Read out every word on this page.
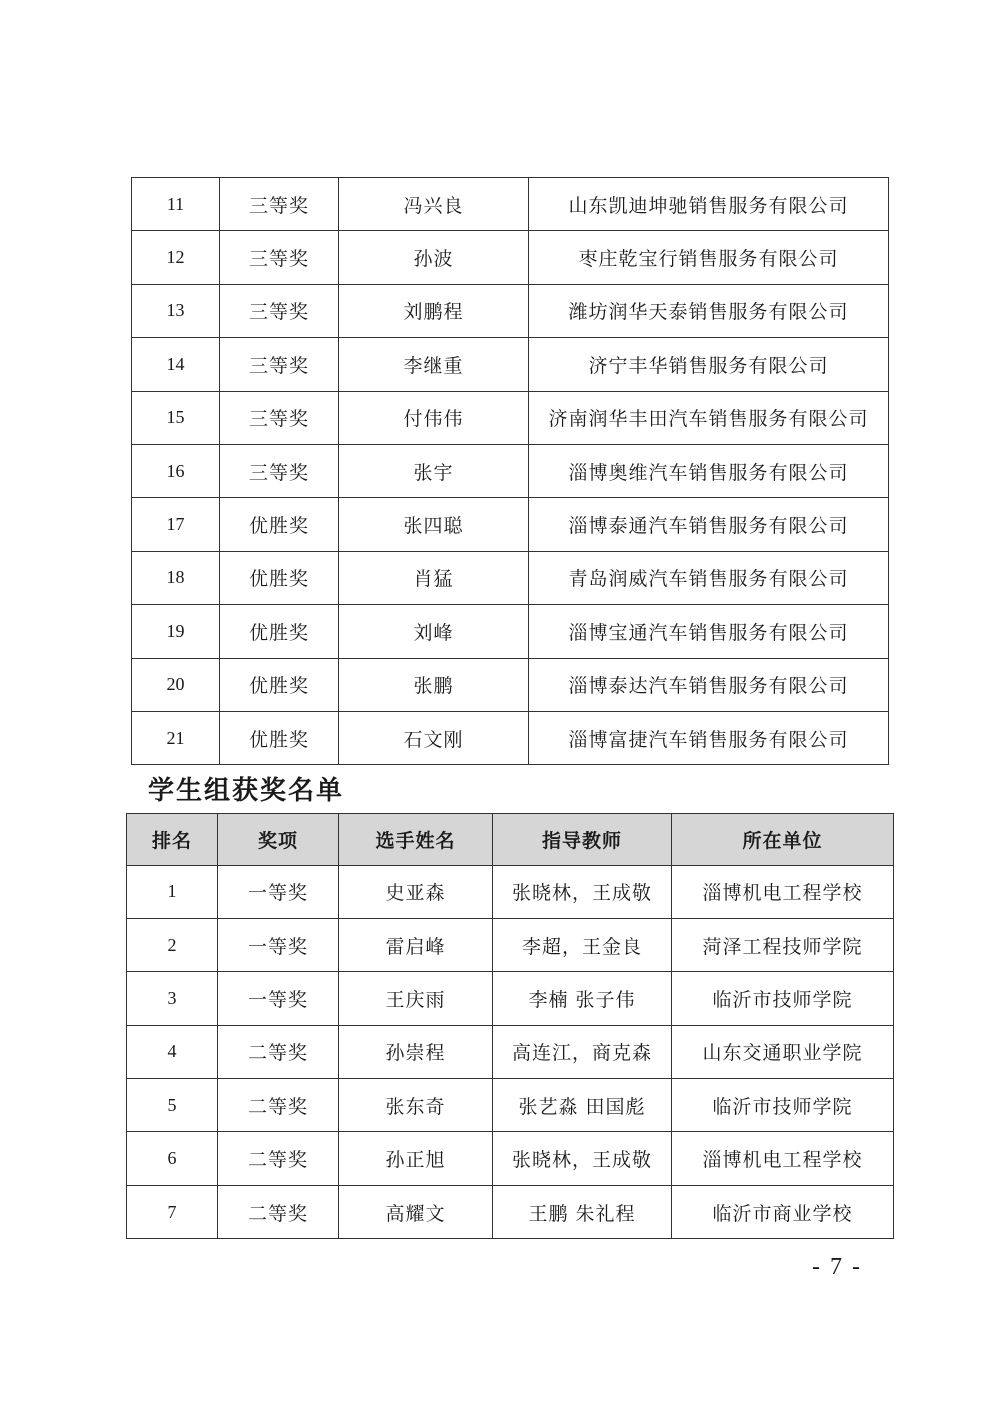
11	三等奖	冯兴良	山东凯迪坤驰销售服务有限公司
12	三等奖	孙波	枣庄乾宝行销售服务有限公司
13	三等奖	刘鹏程	潍坊润华天泰销售服务有限公司
14	三等奖	李继重	济宁丰华销售服务有限公司
15	三等奖	付伟伟	济南润华丰田汽车销售服务有限公司
16	三等奖	张宇	淄博奥维汽车销售服务有限公司
17	优胜奖	张四聪	淄博泰通汽车销售服务有限公司
18	优胜奖	肖猛	青岛润威汽车销售服务有限公司
19	优胜奖	刘峰	淄博宝通汽车销售服务有限公司
20	优胜奖	张鹏	淄博泰达汽车销售服务有限公司
21	优胜奖	石文刚	淄博富捷汽车销售服务有限公司
学生组获奖名单
排名	奖项	选手姓名	指导教师	所在单位
1	一等奖	史亚森	张晓林，王成敬	淄博机电工程学校
2	一等奖	雷启峰	李超，王金良	菏泽工程技师学院
3	一等奖	王庆雨	李楠 张子伟	临沂市技师学院
4	二等奖	孙崇程	高连江，商克森	山东交通职业学院
5	二等奖	张东奇	张艺淼 田国彪	临沂市技师学院
6	二等奖	孙正旭	张晓林，王成敬	淄博机电工程学校
7	二等奖	高耀文	王鹏 朱礼程	临沂市商业学校
- 7 -
